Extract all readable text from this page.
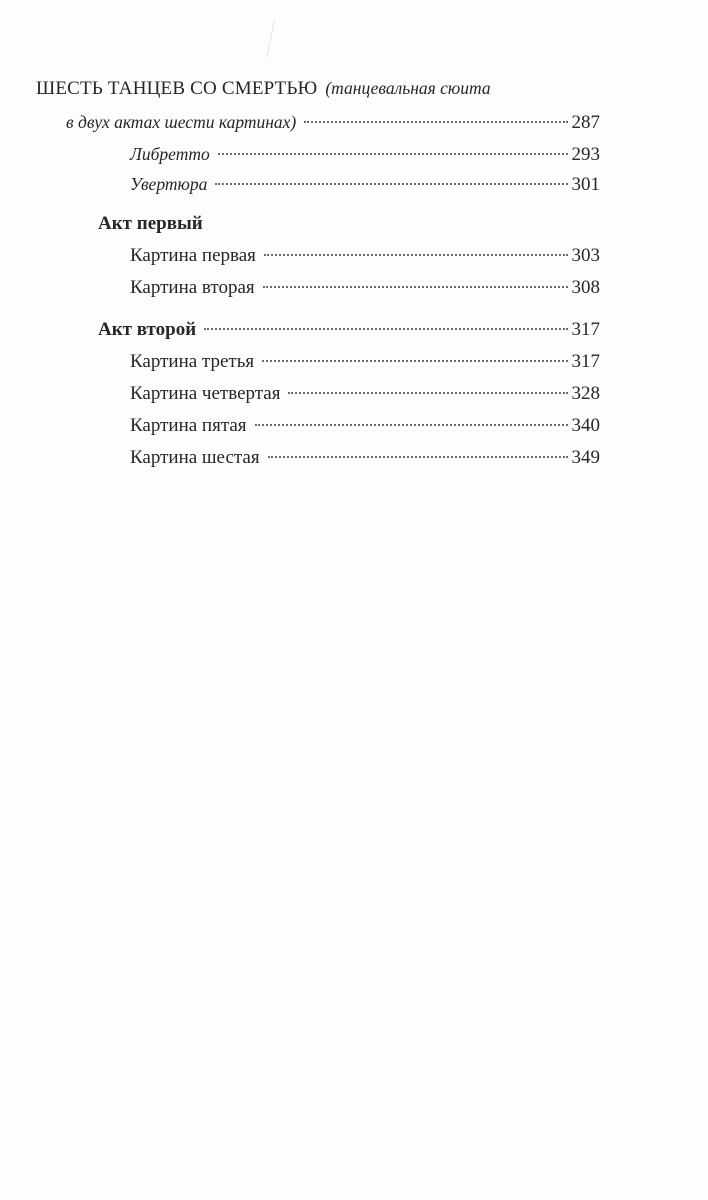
ШЕСТЬ ТАНЦЕВ СО СМЕРТЬЮ (танцевальная сюита
в двух актах шести картинах)	287
Либретто	293
Увертюра	301
Акт первый
Картина первая	303
Картина вторая	308
Акт второй	317
Картина третья	317
Картина четвертая	328
Картина пятая	340
Картина шестая	349
